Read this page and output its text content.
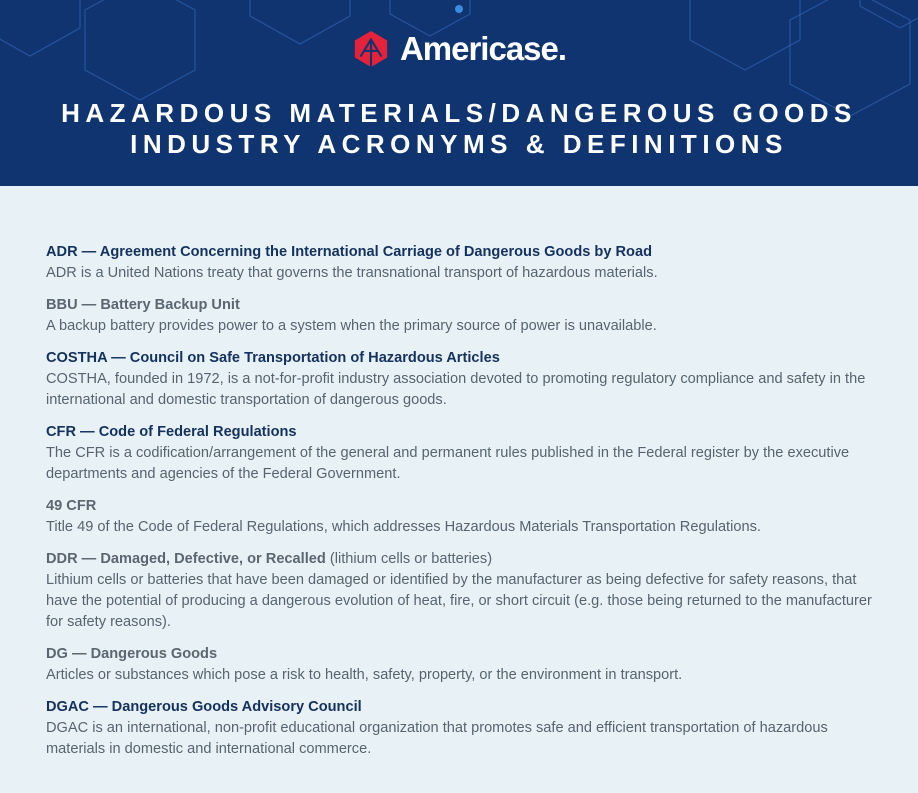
Americase.
HAZARDOUS MATERIALS/DANGEROUS GOODS
INDUSTRY ACRONYMS & DEFINITIONS
ADR — Agreement Concerning the International Carriage of Dangerous Goods by Road
ADR is a United Nations treaty that governs the transnational transport of hazardous materials.
BBU — Battery Backup Unit
A backup battery provides power to a system when the primary source of power is unavailable.
COSTHA — Council on Safe Transportation of Hazardous Articles
COSTHA, founded in 1972, is a not-for-profit industry association devoted to promoting regulatory compliance and safety in the international and domestic transportation of dangerous goods.
CFR — Code of Federal Regulations
The CFR is a codification/arrangement of the general and permanent rules published in the Federal register by the executive departments and agencies of the Federal Government.
49 CFR
Title 49 of the Code of Federal Regulations, which addresses Hazardous Materials Transportation Regulations.
DDR — Damaged, Defective, or Recalled (lithium cells or batteries)
Lithium cells or batteries that have been damaged or identified by the manufacturer as being defective for safety reasons, that have the potential of producing a dangerous evolution of heat, fire, or short circuit (e.g. those being returned to the manufacturer for safety reasons).
DG — Dangerous Goods
Articles or substances which pose a risk to health, safety, property, or the environment in transport.
DGAC — Dangerous Goods Advisory Council
DGAC is an international, non-profit educational organization that promotes safe and efficient transportation of hazardous materials in domestic and international commerce.
